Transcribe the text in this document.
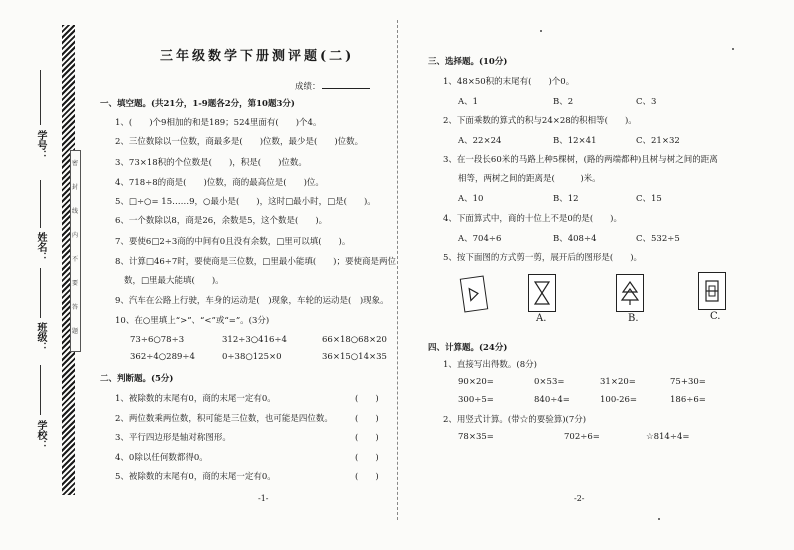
密
封
线
内
不
要
答
题
学号：
姓名：
班级：
学校：
三年级数学下册测评题(二)
成绩：
一、填空题。(共21分，1-9题各2分，第10题3分)
1、(　　)个9相加的和是189；524里面有(　　)个4。
2、三位数除以一位数，商最多是(　　)位数，最少是(　　)位数。
3、73×18积的个位数是(　　)，积是(　　)位数。
4、718÷8的商是(　　)位数，商的最高位是(　　)位。
5、□÷○= 15……9，○最小是(　　)，这时□最小时，□是(　　)。
6、一个数除以8，商是26，余数是5，这个数是(　　)。
7、要使6□2÷3商的中间有0且没有余数，□里可以填(　　)。
8、计算□46÷7时，要使商是三位数，□里最小能填(　　)；要使商是两位
数，□里最大能填(　　)。
9、汽车在公路上行驶，车身的运动是(　)现象，车轮的运动是(　)现象。
10、在○里填上“>”、“<”或“=”。(3分)
73÷6○78÷3	312÷3○416÷4	66×18○68×20
362÷4○289÷4	0÷38○125×0	36×15○14×35
二、判断题。(5分)
1、被除数的末尾有0，商的末尾一定有0。	(　　)
2、两位数乘两位数，积可能是三位数，也可能是四位数。	(　　)
3、平行四边形是轴对称图形。	(　　)
4、0除以任何数都得0。	(　　)
5、被除数的末尾有0，商的末尾一定有0。	(　　)
-1-
三、选择题。(10分)
1、48×50积的末尾有(　　)个0。
A、1	B、2	C、3
2、下面乘数的算式的积与24×28的积相等(　　)。
A、22×24	B、12×41	C、21×32
3、在一段长60米的马路上种5棵树，(路的两端都种)且树与树之间的距离
相等，两树之间的距离是(　　　)米。
A、10	B、12	C、15
4、下面算式中，商的十位上不是0的是(　　)。
A、704÷6	B、408÷4	C、532÷5
5、按下面图的方式剪一剪，展开后的图形是(　　)。
A.	B.	C.
四、计算题。(24分)
1、直接写出得数。(8分)
90×20=	0×53=	31×20=	75+30=
300÷5=	840÷4=	100-26=	186÷6=
2、用竖式计算。(带☆的要验算)(7分)
78×35=	702÷6=	☆814÷4=
-2-
